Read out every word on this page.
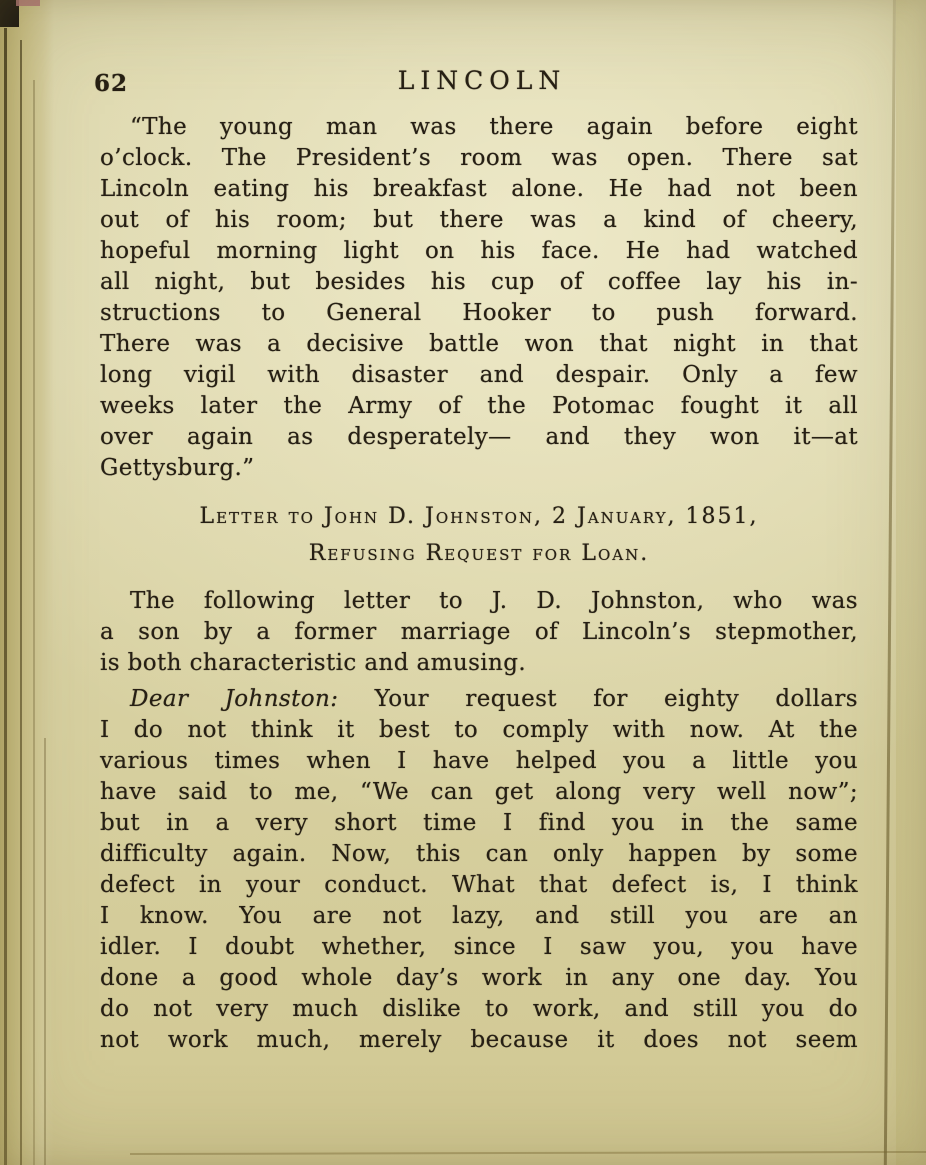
62	LINCOLN
“The young man was there again before eight
o’clock. The President’s room was open. There sat
Lincoln eating his breakfast alone. He had not been
out of his room; but there was a kind of cheery,
hopeful morning light on his face. He had watched
all night, but besides his cup of coffee lay his in-
structions to General Hooker to push forward.
There was a decisive battle won that night in that
long vigil with disaster and despair. Only a few
weeks later the Army of the Potomac fought it all
over again as desperately— and they won it—at
Gettysburg.”
Letter to John D. Johnston, 2 January, 1851,
Refusing Request for Loan.
The following letter to J. D. Johnston, who was
a son by a former marriage of Lincoln’s stepmother,
is both characteristic and amusing.
Dear Johnston: Your request for eighty dollars
I do not think it best to comply with now. At the
various times when I have helped you a little you
have said to me, “We can get along very well now”;
but in a very short time I find you in the same
difficulty again. Now, this can only happen by some
defect in your conduct. What that defect is, I think
I know. You are not lazy, and still you are an
idler. I doubt whether, since I saw you, you have
done a good whole day’s work in any one day. You
do not very much dislike to work, and still you do
not work much, merely because it does not seem
